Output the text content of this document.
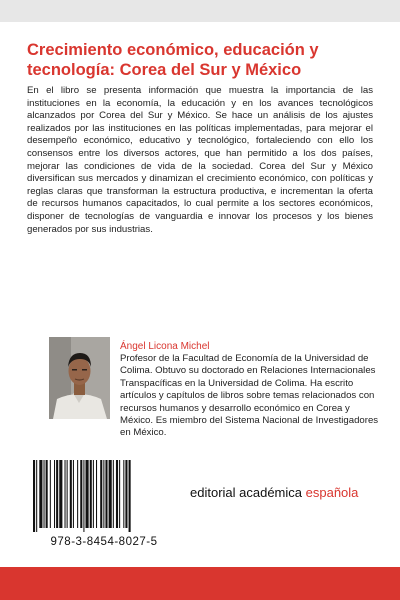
Crecimiento económico, educación y tecnología: Corea del Sur y México
En el libro se presenta información que muestra la importancia de las instituciones en la economía, la educación y en los avances tecnológicos alcanzados por Corea del Sur y México. Se hace un análisis de los ajustes realizados por las instituciones en las políticas implementadas, para mejorar el desempeño económico, educativo y tecnológico, fortaleciendo con ello los consensos entre los diversos actores, que han permitido a los dos países, mejorar las condiciones de vida de la sociedad. Corea del Sur y México diversifican sus mercados y dinamizan el crecimiento económico, con políticas y reglas claras que transforman la estructura productiva, e incrementan la oferta de recursos humanos capacitados, lo cual permite a los sectores económicos, disponer de tecnologías de vanguardia e innovar los procesos y los bienes generados por sus industrias.
Ángel Licona Michel
Profesor de la Facultad de Economía de la Universidad de Colima. Obtuvo su doctorado en Relaciones Internacionales Transpacíficas en la Universidad de Colima. Ha escrito artículos y capítulos de libros sobre temas relacionados con recursos humanos y desarrollo económico en Corea y México. Es miembro del Sistema Nacional de Investigadores en México.
978-3-8454-8027-5
editorial académica española
